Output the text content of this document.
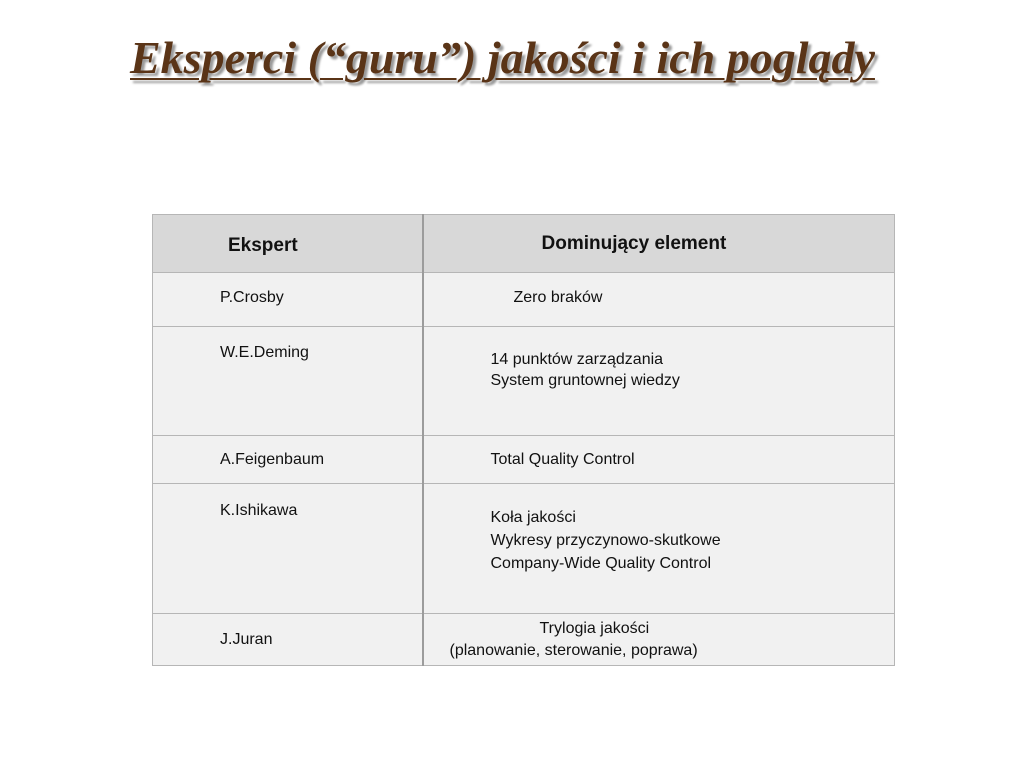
Eksperci (“guru”) jakości i ich poglądy
Ekspert	Dominujący element

P.Crosby	Zero braków

W.E.Deming	14 punktów zarządzania
System gruntownej wiedzy

A.Feigenbaum	Total Quality Control

K.Ishikawa	Koła jakości
Wykresy przyczynowo-skutkowe
Company-Wide Quality Control

J.Juran	Trylogia jakości
(planowanie, sterowanie, poprawa)
